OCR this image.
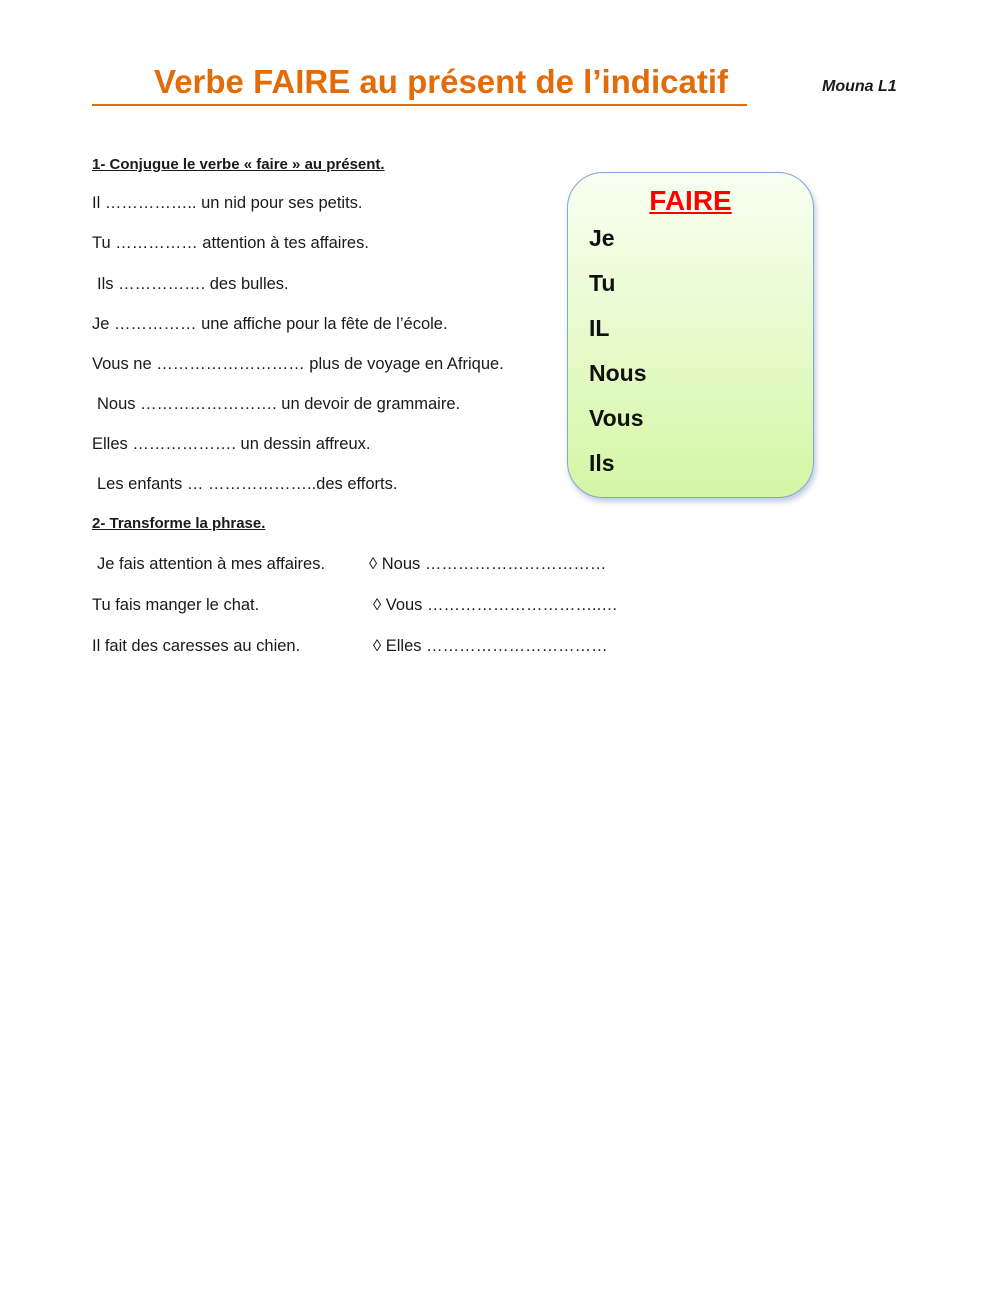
Verbe FAIRE au présent de l’indicatif	Mouna L1
1- Conjugue le verbe « faire » au présent.
Il …………….. un nid pour ses petits.
Tu …………… attention à tes affaires.
Ils ……………. des bulles.
Je …………… une affiche pour la fête de l’école.
Vous ne ……………………… plus de voyage en Afrique.
Nous ……………………. un devoir de grammaire.
Elles ………………. un dessin affreux.
Les enfants … ………………..des efforts.
2- Transforme la phrase.
Je fais attention à mes affaires.	◊ Nous ……………………………
Tu fais manger le chat.	◊ Vous …………………………..…
Il fait des caresses au chien.	◊ Elles ……………………………
FAIRE
Je
Tu
IL
Nous
Vous
Ils
